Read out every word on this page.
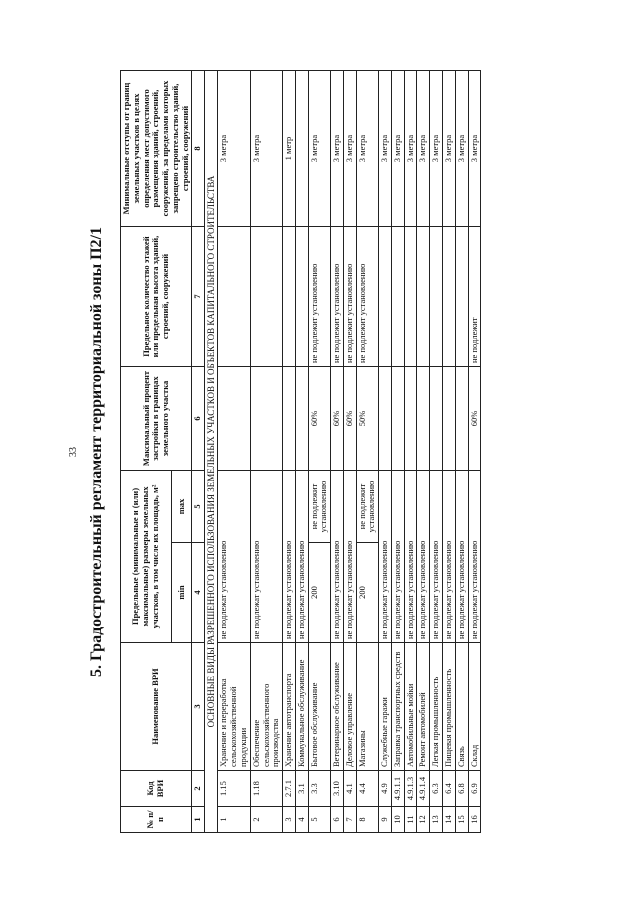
33 5. Градостроительный регламент территориальной зоны П2/1
№ п/п	Код ВРИ	Наименование ВРИ	Предельные (минимальные и (или) максимальные) размеры земельных участков, в том числе их площадь, м²		Максимальный процент застройки в границах земельного участка	Предельное количество этажей или предельная высота зданий, строений, сооружений	Минимальные отступы от границ земельных участков в целях определения мест допустимого размещения зданий, строений, сооружений, за пределами которых запрещено строительство зданий, строений, сооружений
			min	max			
1	2	3	4	5	6	7	8
ОСНОВНЫЕ ВИДЫ РАЗРЕШЕННОГО ИСПОЛЬЗОВАНИЯ ЗЕМЕЛЬНЫХ УЧАСТКОВ И ОБЪЕКТОВ КАПИТАЛЬНОГО СТРОИТЕЛЬСТВА							
1	1.15	Хранение и переработка сельскохозяйственной продукции	не подлежат установлению				3 метра
2	1.18	Обеспечение сельскохозяйственного производства	не подлежат установлению				3 метра
3	2.7.1	Хранение автотранспорта	не подлежат установлению				1 метр
4	3.1	Коммунальное обслуживание	не подлежат установлению				
5	3.3	Бытовое обслуживание	200	не подлежит установлению	60%	не подлежит установлению	3 метра
6	3.10	Ветеринарное обслуживание	не подлежат установлению		60%	не подлежит установлению	3 метра
7	4.1	Деловое управление	не подлежат установлению		60%	не подлежит установлению	3 метра
8	4.4	Магазины	200	не подлежит установлению	50%	не подлежит установлению	3 метра
9	4.9	Служебные гаражи	не подлежат установлению				3 метра
10	4.9.1.1	Заправка транспортных средств	не подлежат установлению				3 метра
11	4.9.1.3	Автомобильные мойки	не подлежат установлению				3 метра
12	4.9.1.4	Ремонт автомобилей	не подлежат установлению				3 метра
13	6.3	Легкая промышленность	не подлежат установлению				3 метра
14	6.4	Пищевая промышленность	не подлежат установлению				3 метра
15	6.8	Связь	не подлежат установлению				3 метра
16	6.9	Склад	не подлежат установлению		60%	не подлежит	3 метра
